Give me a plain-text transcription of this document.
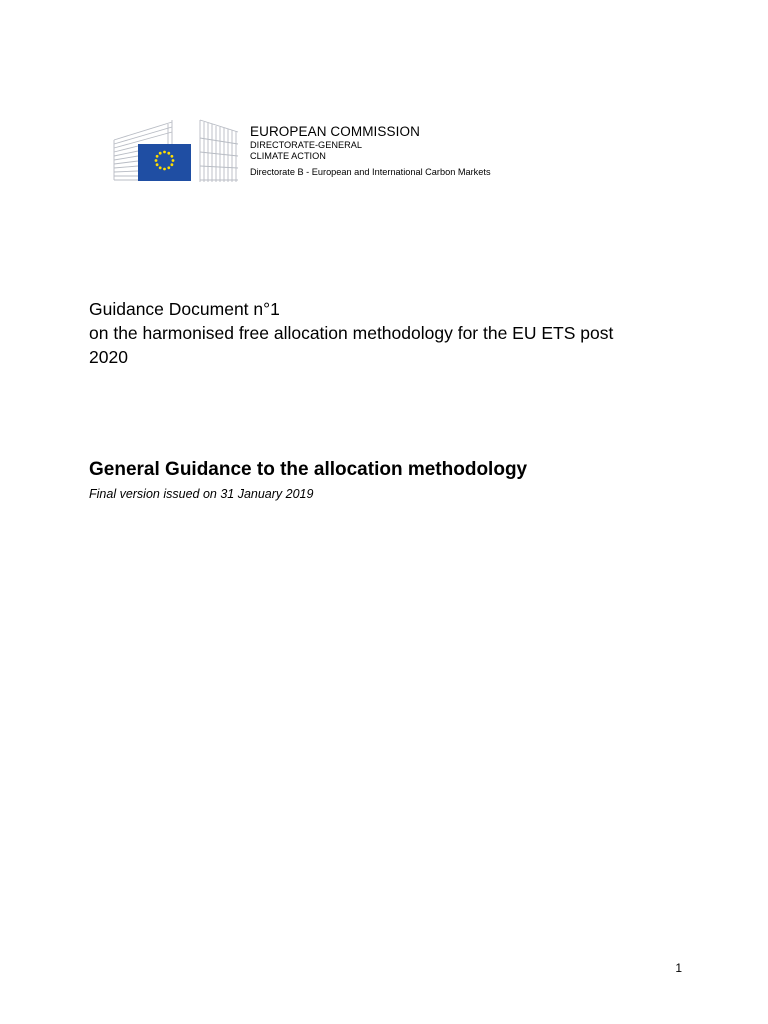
EUROPEAN COMMISSION
DIRECTORATE-GENERAL
CLIMATE ACTION
Directorate B - European and International Carbon Markets
Guidance Document n°1
on the harmonised free allocation methodology for the EU ETS post
2020
General Guidance to the allocation methodology
Final version issued on 31 January 2019
1
